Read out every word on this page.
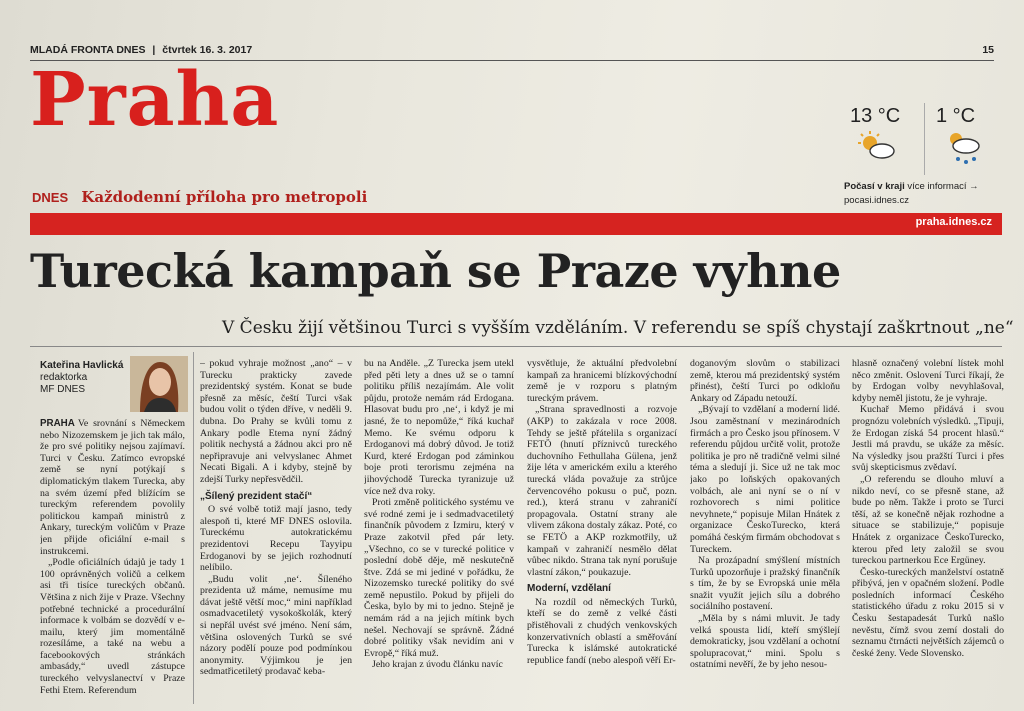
MLADÁ FRONTA DNES | čtvrtek 16. 3. 2017	15
Praha
DNES Každodenní příloha pro metropoli
13 °C 1 °C
Počasí v kraji více informací →
pocasi.idnes.cz
praha.idnes.cz
Turecká kampaň se Praze vyhne
V Česku žijí většinou Turci s vyšším vzděláním. V referendu se spíš chystají zaškrtnout „ne“
Kateřina Havlická
redaktorka
MF DNES

PRAHA Ve srovnání s Německem nebo Nizozemskem je jich tak málo, že pro své politiky nejsou zajímaví. Turci v Česku. Zatímco evropské země se nyní potýkají s diplomatickým tlakem Turecka, aby na svém území před blížícím se tureckým referendem povolily politickou kampaň ministrů z Ankary, tureckým voličům v Praze jen přijde oficiální e-mail s instrukcemi.

„Podle oficiálních údajů je tady 1 100 oprávněných voličů a celkem asi tři tisíce tureckých občanů. Většina z nich žije v Praze. Všechny potřebné technické a procedurální informace k volbám se dozvědí v e-mailu, který jim momentálně rozesíláme, a také na webu a facebookových stránkách ambasády,“ uvedl zástupce tureckého velvyslanectví v Praze Fethi Etem. Referendum

– pokud vyhraje možnost „ano“ – v Turecku prakticky zavede prezidentský systém. Konat se bude přesně za měsíc, čeští Turci však budou volit o týden dříve, v neděli 9. dubna. Do Prahy se kvůli tomu z Ankary podle Etema nyní žádný politik nechystá a žádnou akci pro ně nepřipravuje ani velvyslanec Ahmet Necati Bigali. A i kdyby, stejně by zdejší Turky nepřesvědčil.

„Šílený prezident stačí“

O své volbě totiž mají jasno, tedy alespoň ti, které MF DNES oslovila. Tureckému autokratickému prezidentovi Recepu Tayyipu Erdoganovi by se jejich rozhodnutí nelíbilo.

„Budu volit ‚ne‘. Šíleného prezidenta už máme, nemusíme mu dávat ještě větší moc,“ mini například osmadvacetiletý vysokoškolák, který si nepřál uvést své jméno. Není sám, většina oslovených Turků se své názory podělí pouze pod podmínkou anonymity. Výjimkou je jen sedmatřicetiletý prodavač keba-

bu na Anděle. „Z Turecka jsem utekl před pěti lety a dnes už se o tamní politiku příliš nezajímám. Ale volit půjdu, protože nemám rád Erdogana. Hlasovat budu pro ‚ne‘, i když je mi jasné, že to nepomůže,“ říká kuchař Memo. Ke svému odporu k Erdoganovi má dobrý důvod. Je totiž Kurd, které Erdogan pod záminkou boje proti terorismu zejména na jihovýchodě Turecka tyranizuje už více než dva roky.

Proti změně politického systému ve své rodné zemi je i sedmadvacetiletý finančník původem z Izmiru, který v Praze zakotvil před pár lety. „Všechno, co se v turecké politice v poslední době děje, mě neskutečně štve. Zdá se mi jediné v pořádku, že Nizozemsko turecké politiky do své země nepustilo. Pokud by přijeli do Česka, bylo by mi to jedno. Stejně je nemám rád a na jejich mítink bych nešel. Nechovají se správně. Žádné dobré politiky však nevidím ani v Evropě,“ říká muž.

Jeho krajan z úvodu článku navíc

vysvětluje, že aktuální předvolební kampaň za hranicemi blízkovýchodní země je v rozporu s platným tureckým právem.

„Strana spravedlnosti a rozvoje (AKP) to zakázala v roce 2008. Tehdy se ještě přátelila s organizací FETÖ (hnutí příznivců tureckého duchovního Fethullaha Gülena, jenž žije léta v americkém exilu a kterého turecká vláda považuje za strůjce červencového pokusu o puč, pozn. red.), která stranu v zahraničí propagovala. Ostatní strany ale vlivem zákona dostaly zákaz. Poté, co se FETÖ a AKP rozkmotřily, už kampaň v zahraničí nesmělo dělat vůbec nikdo. Strana tak nyní porušuje vlastní zákon,“ poukazuje.

Moderní, vzdělaní

Na rozdíl od německých Turků, kteří se do země z velké části přistěhovali z chudých venkovských konzervativních oblastí a směřování Turecka k islámské autokratické republice fandí (nebo alespoň věří Er-

doganovým slovům o stabilizaci země, kterou má prezidentský systém přinést), čeští Turci po odkloňu Ankary od Západu netouží.

„Bývají to vzdělaní a moderní lidé. Jsou zaměstnaní v mezinárodních firmách a pro Česko jsou přínosem. V referendu půjdou určitě volit, protože politika je pro ně tradičně velmi silné téma a sledují ji. Sice už ne tak moc jako po loňských opakovaných volbách, ale ani nyní se o ní v rozhovorech s nimi politice nevyhnete,“ popisuje Milan Hnátek z organizace ČeskoTurecko, která pomáhá českým firmám obchodovat s Tureckem.

Na prozápadní smýšlení místních Turků upozorňuje i pražský finančník s tím, že by se Evropská unie měla snažit využít jejich sílu a dobrého sociálního postavení.

„Měla by s námi mluvit. Je tady velká spousta lidí, kteří smýšlejí demokraticky, jsou vzdělaní a ochotní spolupracovat,“ mini. Spolu s ostatními nevěří, že by jeho nesou-

hlasně označený volební lístek mohl něco změnit. Oslovení Turci říkají, že by Erdogan volby nevyhlašoval, kdyby neměl jistotu, že je vyhraje.

Kuchař Memo přidává i svou prognózu volebních výsledků. „Tipuji, že Erdogan získá 54 procent hlasů.“ Jestli má pravdu, se ukáže za měsíc. Na výsledky jsou pražští Turci i přes svůj skepticismus zvědaví.

„O referendu se dlouho mluví a nikdo neví, co se přesně stane, až bude po něm. Takže i proto se Turci těší, až se konečně nějak rozhodne a situace se stabilizuje,“ popisuje Hnátek z organizace ČeskoTurecko, kterou před lety založil se svou tureckou partnerkou Ece Ergüney.

Česko-tureckých manželství ostatně přibývá, jen v opačném složení. Podle posledních informací Českého statistického úřadu z roku 2015 si v Česku šestapadesát Turků našlo nevěstu, čímž svou zemí dostali do seznamu čtrnácti největších zájemců o české ženy. Vede Slovensko.
